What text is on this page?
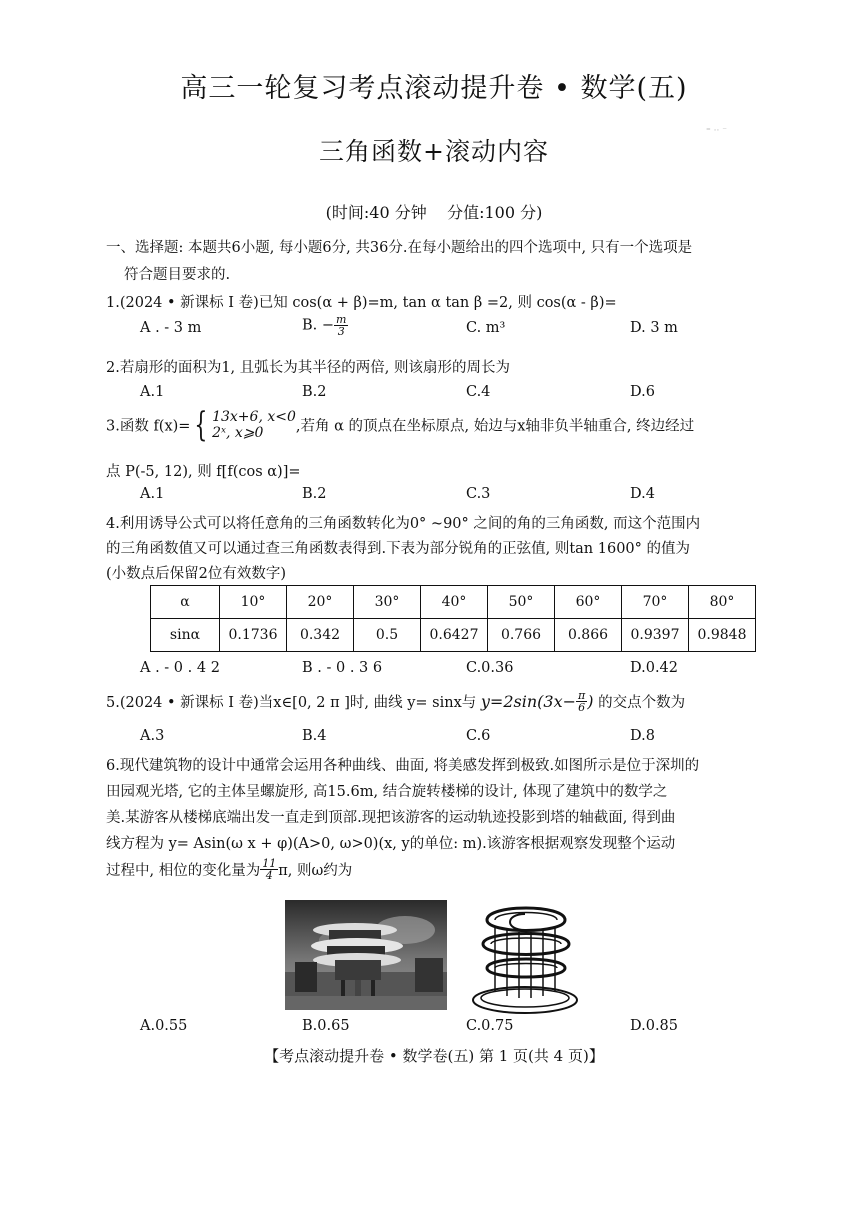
高三一轮复习考点滚动提升卷 • 数学(五)
⁼ ·· ⁻
三角函数+滚动内容
(时间:40 分钟    分值:100 分)
一、选择题: 本题共6小题, 每小题6分, 共36分.在每小题给出的四个选项中, 只有一个选项是
符合题目要求的.
1.(2024 • 新课标 Ⅰ 卷)已知 cos(α + β)=m, tan α tan β =2, 则 cos(α - β)=
A . - 3 m	B. − $\frac{m}{3}$	C. m³	D. 3 m
2.若扇形的面积为1, 且弧长为其半径的两倍, 则该扇形的周长为
A.1	B.2	C.4	D.6
3.函数 f(x)= { 13x+6, x<0
2ˣ, x⩾0	,若角 α 的顶点在坐标原点, 始边与x轴非负半轴重合, 终边经过
点 P(-5, 12), 则 f[f(cos α)]=
A.1	B.2	C.3	D.4
4.利用诱导公式可以将任意角的三角函数转化为0° ~90° 之间的角的三角函数, 而这个范围内
的三角函数值又可以通过查三角函数表得到.下表为部分锐角的正弦值, 则tan 1600° 的值为
(小数点后保留2位有效数字)
α	10°	20°	30°	40°	50°	60°	70°	80°
sinα	0.1736	0.342	0.5	0.6427	0.766	0.866	0.9397	0.9848
A . - 0 . 4 2	B . - 0 . 3 6	C.0.36	D.0.42
5.(2024 • 新课标 Ⅰ 卷)当x∈[0, 2 π ]时, 曲线 y= sinx与 $y=2\sin(3x- \frac{\pi}{6}$ ) 的交点个数为
A.3	B.4	C.6	D.8
6.现代建筑物的设计中通常会运用各种曲线、曲面, 将美感发挥到极致.如图所示是位于深圳的
田园观光塔, 它的主体呈螺旋形, 高15.6m, 结合旋转楼梯的设计, 体现了建筑中的数学之
美.某游客从楼梯底端出发一直走到顶部.现把该游客的运动轨迹投影到塔的轴截面, 得到曲
线方程为 y= Asin(ω x + φ)(A>0, ω>0)(x, y的单位: m).该游客根据观察发现整个运动
过程中, 相位的变化量为 $\frac{11}{4} \pi$, 则ω约为
A.0.55	B.0.65	C.0.75	D.0.85
【考点滚动提升卷 • 数学卷(五) 第 1 页(共 4 页)】
